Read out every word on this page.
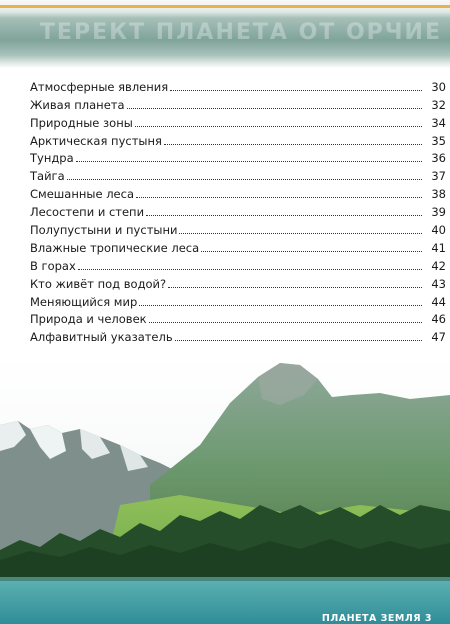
ТЕРЕКТ ПЛАНЕТА ОТ ОРЧИЕ
Атмосферные явления	30
Живая планета	32
Природные зоны	34
Арктическая пустыня	35
Тундра	36
Тайга	37
Смешанные леса	38
Лесостепи и степи	39
Полупустыни и пустыни	40
Влажные тропические леса	41
В горах	42
Кто живёт под водой?	43
Меняющийся мир	44
Природа и человек	46
Алфавитный указатель	47
ПЛАНЕТА ЗЕМЛЯ 3
